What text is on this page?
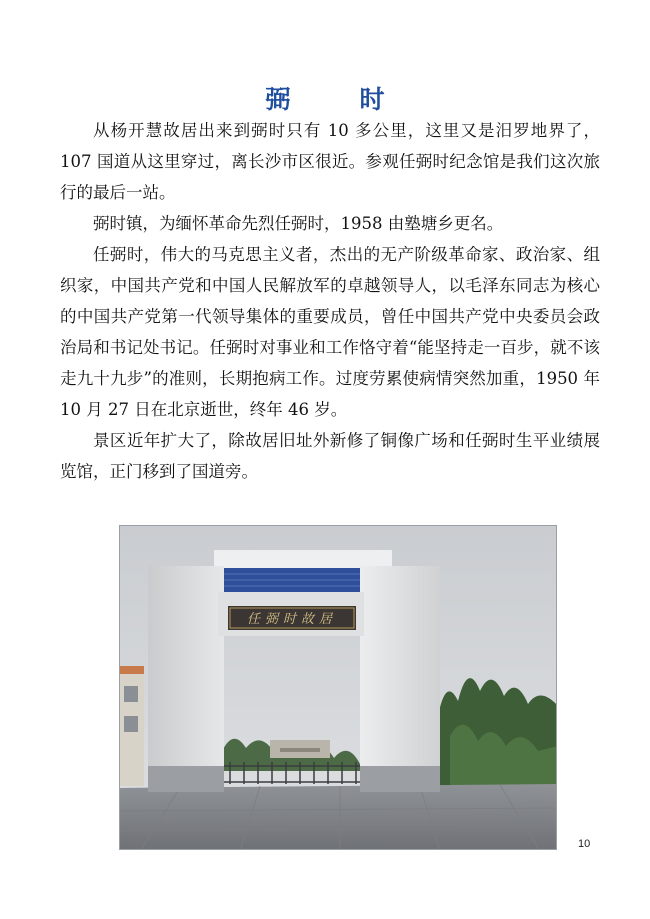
弼　时

从杨开慧故居出来到弼时只有 10 多公里，这里又是汨罗地界了，107 国道从这里穿过，离长沙市区很近。参观任弼时纪念馆是我们这次旅行的最后一站。

弼时镇，为缅怀革命先烈任弼时，1958 由塾塘乡更名。

任弼时，伟大的马克思主义者，杰出的无产阶级革命家、政治家、组织家，中国共产党和中国人民解放军的卓越领导人，以毛泽东同志为核心的中国共产党第一代领导集体的重要成员，曾任中国共产党中央委员会政治局和书记处书记。任弼时对事业和工作恪守着“能坚持走一百步，就不该走九十九步”的准则，长期抱病工作。过度劳累使病情突然加重，1950 年 10 月 27 日在北京逝世，终年 46 岁。

景区近年扩大了，除故居旧址外新修了铜像广场和任弼时生平业绩展览馆，正门移到了国道旁。

任弼时故居
10
